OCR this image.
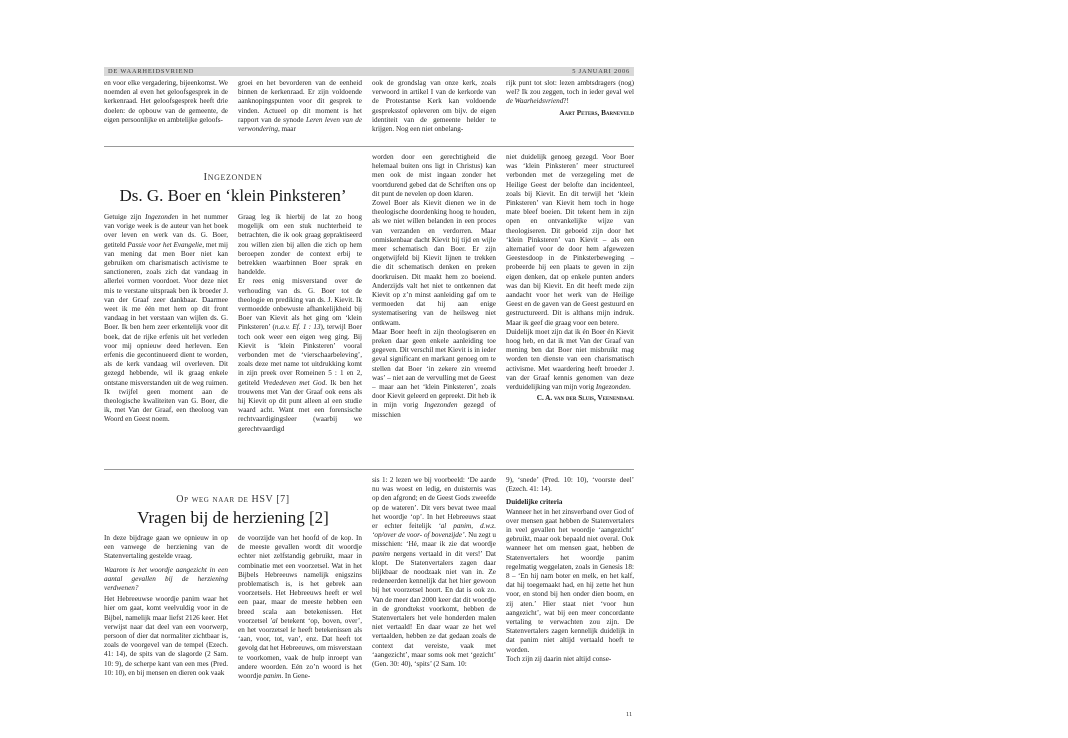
DE WAARHEIDSVRIEND	5 JANUARI 2006

en voor elke vergadering, bijeenkomst. We noemden al even het geloofsgesprek in de kerkenraad. Het geloofsgesprek heeft drie doelen: de opbouw van de gemeente, de eigen persoonlijke en ambtelijke geloofs-

groei en het bevorderen van de eenheid binnen de kerkenraad. Er zijn voldoende aanknopingspunten voor dit gesprek te vinden. Actueel op dit moment is het rapport van de synode Leren leven van de verwondering, maar

ook de grondslag van onze kerk, zoals verwoord in artikel I van de kerkorde van de Protestantse Kerk kan voldoende gespreksstof opleveren om bijv. de eigen identiteit van de gemeente helder te krijgen. Nog een niet onbelang-

rijk punt tot slot: lezen ambtsdragers (nog) wel? Ik zou zeggen, toch in ieder geval wel de Waarheidsvriend?!

Aart Peters, Barneveld
Ingezonden
Ds. G. Boer en ‘klein Pinksteren’

Getuige zijn Ingezonden in het nummer van vorige week is de auteur van het boek over leven en werk van ds. G. Boer, getiteld Passie voor het Evangelie, met mij van mening dat men Boer niet kan gebruiken om charismatisch activisme te sanctioneren, zoals zich dat vandaag in allerlei vormen voordoet. Voor deze niet mis te verstane uitspraak ben ik broeder J. van der Graaf zeer dankbaar. Daarmee weet ik me één met hem op dit front vandaag in het verstaan van wijlen ds. G. Boer. Ik ben hem zeer erkentelijk voor dit boek, dat de rijke erfenis uit het verleden voor mij opnieuw deed herleven. Een erfenis die gecontinueerd dient te worden, als de kerk vandaag wil overleven. Dit gezegd hebbende, wil ik graag enkele ontstane misverstanden uit de weg ruimen. Ik twijfel geen moment aan de theologische kwaliteiten van G. Boer, die ik, met Van der Graaf, een theoloog van Woord en Geest noem.

Graag leg ik hierbij de lat zo hoog mogelijk om een stuk nuchterheid te betrachten, die ik ook graag gepraktiseerd zou willen zien bij allen die zich op hem beroepen zonder de context erbij te betrekken waarbinnen Boer sprak en handelde.

Er rees enig misverstand over de verhouding van ds. G. Boer tot de theologie en prediking van ds. J. Kievit. Ik vermoedde onbewuste afhankelijkheid bij Boer van Kievit als het ging om ‘klein Pinksteren’ (n.a.v. Ef. 1 : 13), terwijl Boer toch ook weer een eigen weg ging. Bij Kievit is ‘klein Pinksteren’ vooral verbonden met de ‘vierschaarbeleving’, zoals deze met name tot uitdrukking komt in zijn preek over Romeinen 5 : 1 en 2, getiteld Vrededeven met God. Ik ben het trouwens met Van der Graaf ook eens als hij Kievit op dit punt alleen al een studie waard acht. Want met een forensische rechtvaardigingsleer (waarbij we gerechtvaardigd

worden door een gerechtigheid die helemaal buiten ons ligt in Christus) kan men ook de mist ingaan zonder het voortdurend gebed dat de Schriften ons op dit punt de nevelen op doen klaren.

Zowel Boer als Kievit dienen we in de theologische doordenking hoog te houden, als we niet willen belanden in een proces van verzanden en verdorren. Maar onmiskenbaar dacht Kievit bij tijd en wijle meer schematisch dan Boer. Er zijn ongetwijfeld bij Kievit lijnen te trekken die dit schematisch denken en preken doorkruisen. Dit maakt hem zo boeiend. Anderzijds valt het niet te ontkennen dat Kievit op z’n minst aanleiding gaf om te vermoeden dat hij aan enige systematisering van de heilsweg niet ontkwam.

Maar Boer heeft in zijn theologiseren en preken daar geen enkele aanleiding toe gegeven. Dit verschil met Kievit is in ieder geval significant en markant genoeg om te stellen dat Boer ‘in zekere zin vreemd was’ – niet aan de vervulling met de Geest – maar aan het ‘klein Pinksteren’, zoals door Kievit geleerd en gepreekt. Dit heb ik in mijn vorig Ingezonden gezegd of misschien

niet duidelijk genoeg gezegd. Voor Boer was ‘klein Pinksteren’ meer structureel verbonden met de verzegeling met de Heilige Geest der belofte dan incidenteel, zoals bij Kievit. En dit terwijl het ‘klein Pinksteren’ van Kievit hem toch in hoge mate bleef boeien. Dit tekent hem in zijn open en ontvankelijke wijze van theologiseren. Dit geboeid zijn door het ‘klein Pinksteren’ van Kievit – als een alternatief voor de door hem afgewezen Geestesdoop in de Pinksterbeweging – probeerde hij een plaats te geven in zijn eigen denken, dat op enkele punten anders was dan bij Kievit. En dit heeft mede zijn aandacht voor het werk van de Heilige Geest en de gaven van de Geest gestuurd en gestructureerd. Dit is althans mijn indruk. Maar ik geef die graag voor een betere.

Duidelijk moet zijn dat ik én Boer én Kievit hoog heb, en dat ik met Van der Graaf van mening ben dat Boer niet misbruikt mag worden ten dienste van een charismatisch activisme. Met waardering heeft broeder J. van der Graaf kennis genomen van deze verduidelijking van mijn vorig Ingezonden.

C. A. van der Sluis, Veenendaal
Op weg naar de HSV [7]
Vragen bij de herziening [2]

In deze bijdrage gaan we opnieuw in op een vanwege de herziening van de Statenvertaling gestelde vraag.

Waarom is het woordje aangezicht in een aantal gevallen bij de herziening verdwenen?

Het Hebreeuwse woordje panim waar het hier om gaat, komt veelvuldig voor in de Bijbel, namelijk maar liefst 2126 keer. Het verwijst naar dat deel van een voorwerp, persoon of dier dat normaliter zichtbaar is, zoals de voorgevel van de tempel (Ezech. 41: 14), de spits van de slagorde (2 Sam. 10: 9), de scherpe kant van een mes (Pred. 10: 10), en bij mensen en dieren ook vaak

de voorzijde van het hoofd of de kop. In de meeste gevallen wordt dit woordje echter niet zelfstandig gebruikt, maar in combinatie met een voorzetsel. Wat in het Bijbels Hebreeuws namelijk enigszins problematisch is, is het gebrek aan voorzetsels. Het Hebreeuws heeft er wel een paar, maar de meeste hebben een breed scala aan betekenissen. Het voorzetsel 'al betekent ‘op, boven, over’, en het voorzetsel le heeft betekenissen als ‘aan, voor, tot, van’, enz. Dat heeft tot gevolg dat het Hebreeuws, om misverstaan te voorkomen, vaak de hulp inroept van andere woorden. Eén zo’n woord is het woordje panim. In Gene-

sis 1: 2 lezen we bij voorbeeld: ‘De aarde nu was woest en ledig, en duisternis was op den afgrond; en de Geest Gods zweefde op de wateren’. Dit vers bevat twee maal het woordje ‘op’. In het Hebreeuws staat er echter feitelijk ‘al panim, d.w.z. ‘op/over de voor- of bovenzijde’. Nu zegt u misschien: ‘Hé, maar ik zie dat woordje panim nergens vertaald in dit vers!’ Dat klopt. De Statenvertalers zagen daar blijkbaar de noodzaak niet van in. Ze redeneerden kennelijk dat het hier gewoon bij het voorzetsel hoort. En dat is ook zo. Van de meer dan 2000 keer dat dit woordje in de grondtekst voorkomt, hebben de Statenvertalers het vele honderden malen niet vertaald! En daar waar ze het wel vertaalden, hebben ze dat gedaan zoals de context dat vereiste, vaak met ‘aangezicht’, maar soms ook met ‘gezicht’ (Gen. 30: 40), ‘spits’ (2 Sam. 10:

9), ‘snede’ (Pred. 10: 10), ‘voorste deel’ (Ezech. 41: 14).

Duidelijke criteria

Wanneer het in het zinsverband over God of over mensen gaat hebben de Statenvertalers in veel gevallen het woordje ‘aangezicht’ gebruikt, maar ook bepaald niet overal. Ook wanneer het om mensen gaat, hebben de Statenvertalers het woordje panim regelmatig weggelaten, zoals in Genesis 18: 8 – ‘En hij nam boter en melk, en het kalf, dat hij toegemaakt had, en hij zette het hun voor, en stond bij hen onder dien boom, en zij aten.’ Hier staat niet ‘voor hun aangezicht’, wat bij een meer concordante vertaling te verwachten zou zijn. De Statenvertalers zagen kennelijk duidelijk in dat panim niet altijd vertaald hoeft te worden.

Toch zijn zij daarin niet altijd conse-

11
